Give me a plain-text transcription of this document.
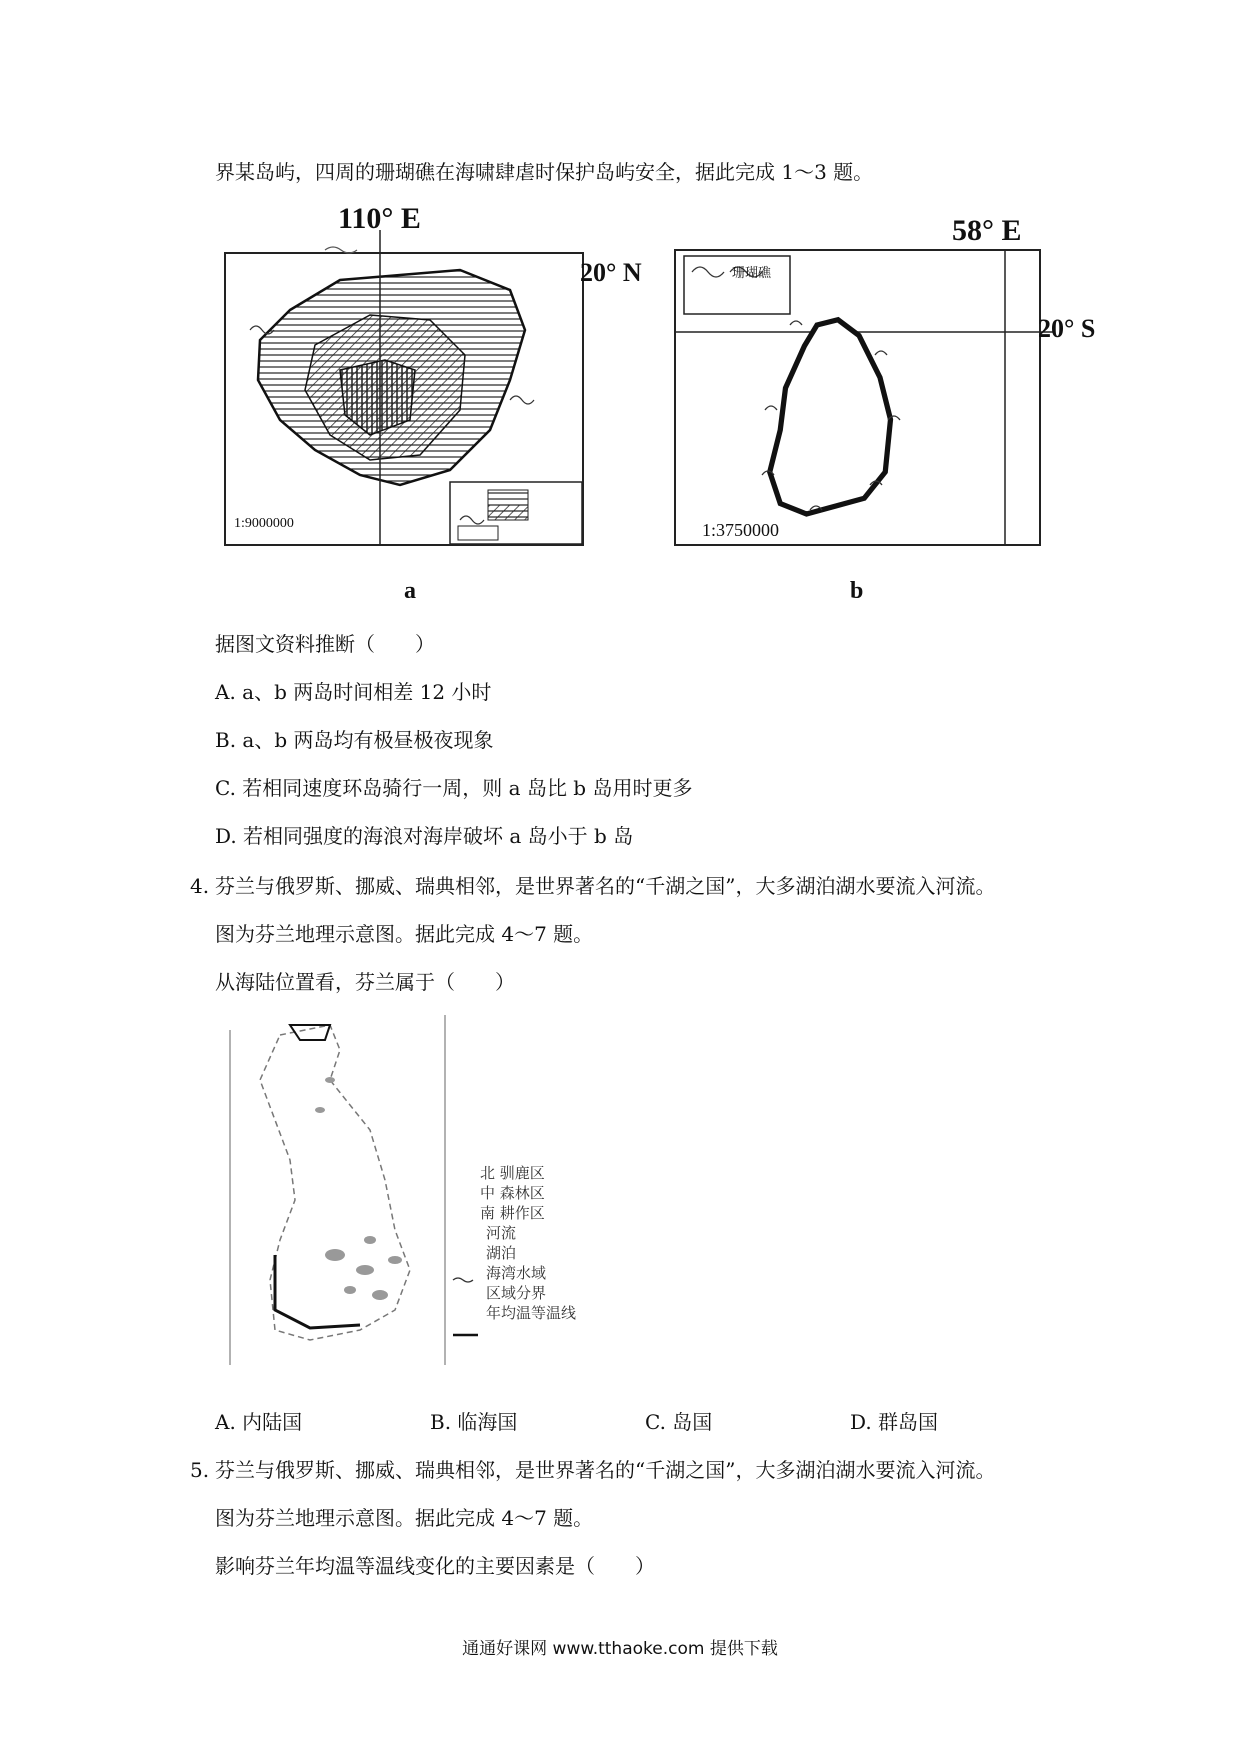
界某岛屿，四周的珊瑚礁在海啸肆虐时保护岛屿安全，据此完成 1～3 题。
110° E
20° N
1:9000000
a
珊瑚礁
58° E
20° S
1:3750000
b
据图文资料推断（　　）
A. a、b 两岛时间相差 12 小时
B. a、b 两岛均有极昼极夜现象
C. 若相同速度环岛骑行一周，则 a 岛比 b 岛用时更多
D. 若相同强度的海浪对海岸破坏 a 岛小于 b 岛
4. 芬兰与俄罗斯、挪威、瑞典相邻，是世界著名的“千湖之国”，大多湖泊湖水要流入河流。
图为芬兰地理示意图。据此完成 4～7 题。
从海陆位置看，芬兰属于（　　）
北 驯鹿区
中 森林区
南 耕作区
河流
湖泊
海湾水域
区域分界
年均温等温线
A. 内陆国	B. 临海国	C. 岛国	D. 群岛国
5. 芬兰与俄罗斯、挪威、瑞典相邻，是世界著名的“千湖之国”，大多湖泊湖水要流入河流。
图为芬兰地理示意图。据此完成 4～7 题。
影响芬兰年均温等温线变化的主要因素是（　　）
通通好课网 www.tthaoke.com 提供下载
